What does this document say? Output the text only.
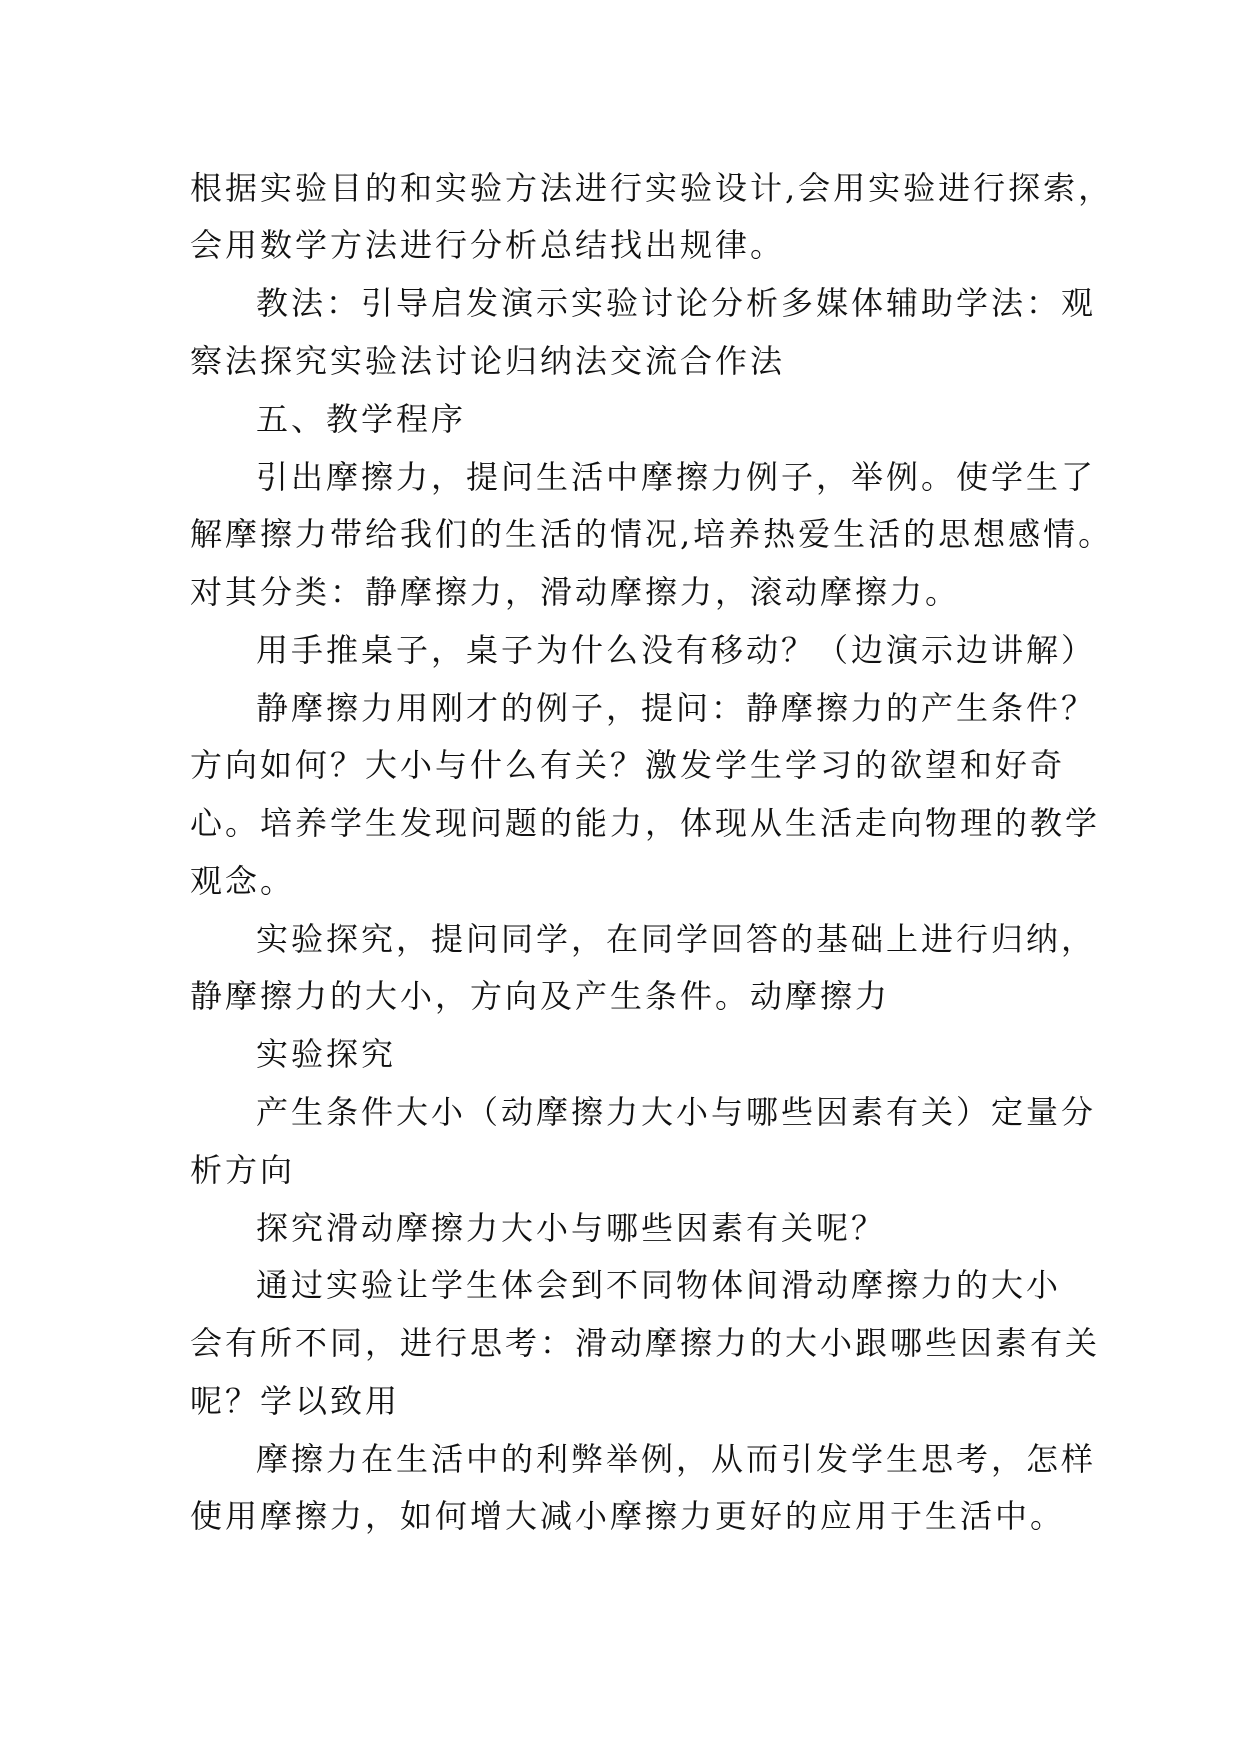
根据实验目的和实验方法进行实验设计,会用实验进行探索，
会用数学方法进行分析总结找出规律。
教法：引导启发演示实验讨论分析多媒体辅助学法：观
察法探究实验法讨论归纳法交流合作法
五、教学程序
引出摩擦力，提问生活中摩擦力例子，举例。使学生了
解摩擦力带给我们的生活的情况,培养热爱生活的思想感情。
对其分类：静摩擦力，滑动摩擦力，滚动摩擦力。
用手推桌子，桌子为什么没有移动？（边演示边讲解）
静摩擦力用刚才的例子，提问：静摩擦力的产生条件？
方向如何？大小与什么有关？激发学生学习的欲望和好奇
心。培养学生发现问题的能力，体现从生活走向物理的教学
观念。
实验探究，提问同学，在同学回答的基础上进行归纳，
静摩擦力的大小，方向及产生条件。动摩擦力
实验探究
产生条件大小（动摩擦力大小与哪些因素有关）定量分
析方向
探究滑动摩擦力大小与哪些因素有关呢？
通过实验让学生体会到不同物体间滑动摩擦力的大小
会有所不同，进行思考：滑动摩擦力的大小跟哪些因素有关
呢？学以致用
摩擦力在生活中的利弊举例，从而引发学生思考，怎样
使用摩擦力，如何增大减小摩擦力更好的应用于生活中。
